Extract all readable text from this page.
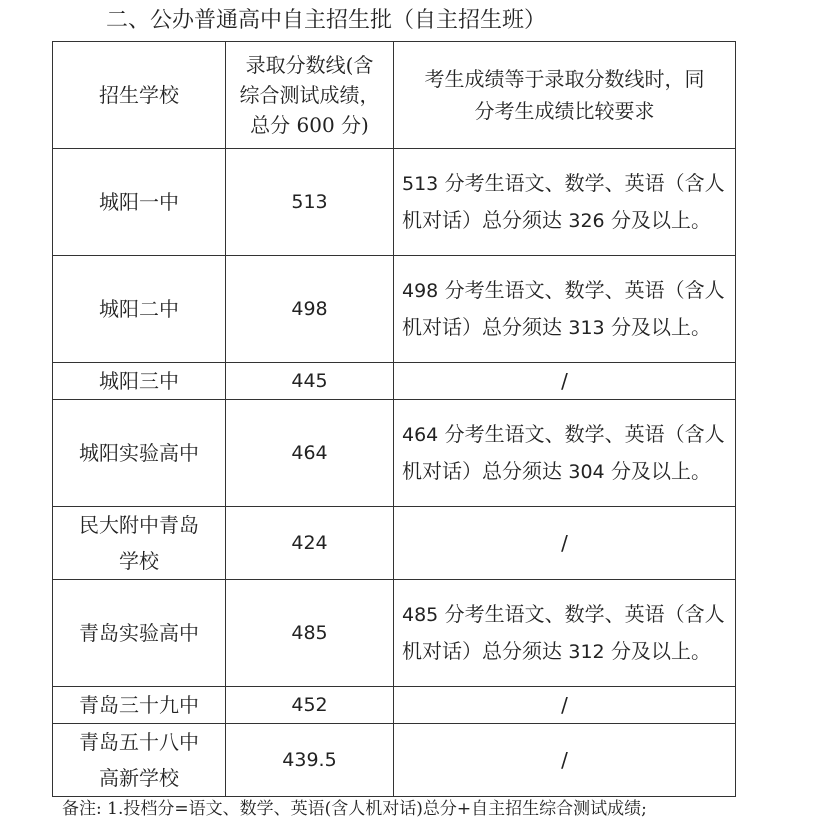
二、公办普通高中自主招生批（自主招生班）
招生学校	录取分数线(含
综合测试成绩，
总分 600 分)	考生成绩等于录取分数线时，同
分考生成绩比较要求

城阳一中	513	513 分考生语文、数学、英语（含人机对话）总分须达 326 分及以上。
城阳二中	498	498 分考生语文、数学、英语（含人机对话）总分须达 313 分及以上。
城阳三中	445	/
城阳实验高中	464	464 分考生语文、数学、英语（含人机对话）总分须达 304 分及以上。

民大附中青岛
学校	424	/
青岛实验高中	485	485 分考生语文、数学、英语（含人机对话）总分须达 312 分及以上。
青岛三十九中	452	/

青岛五十八中
高新学校	439.5	/
备注: 1.投档分=语文、数学、英语(含人机对话)总分+自主招生综合测试成绩;
